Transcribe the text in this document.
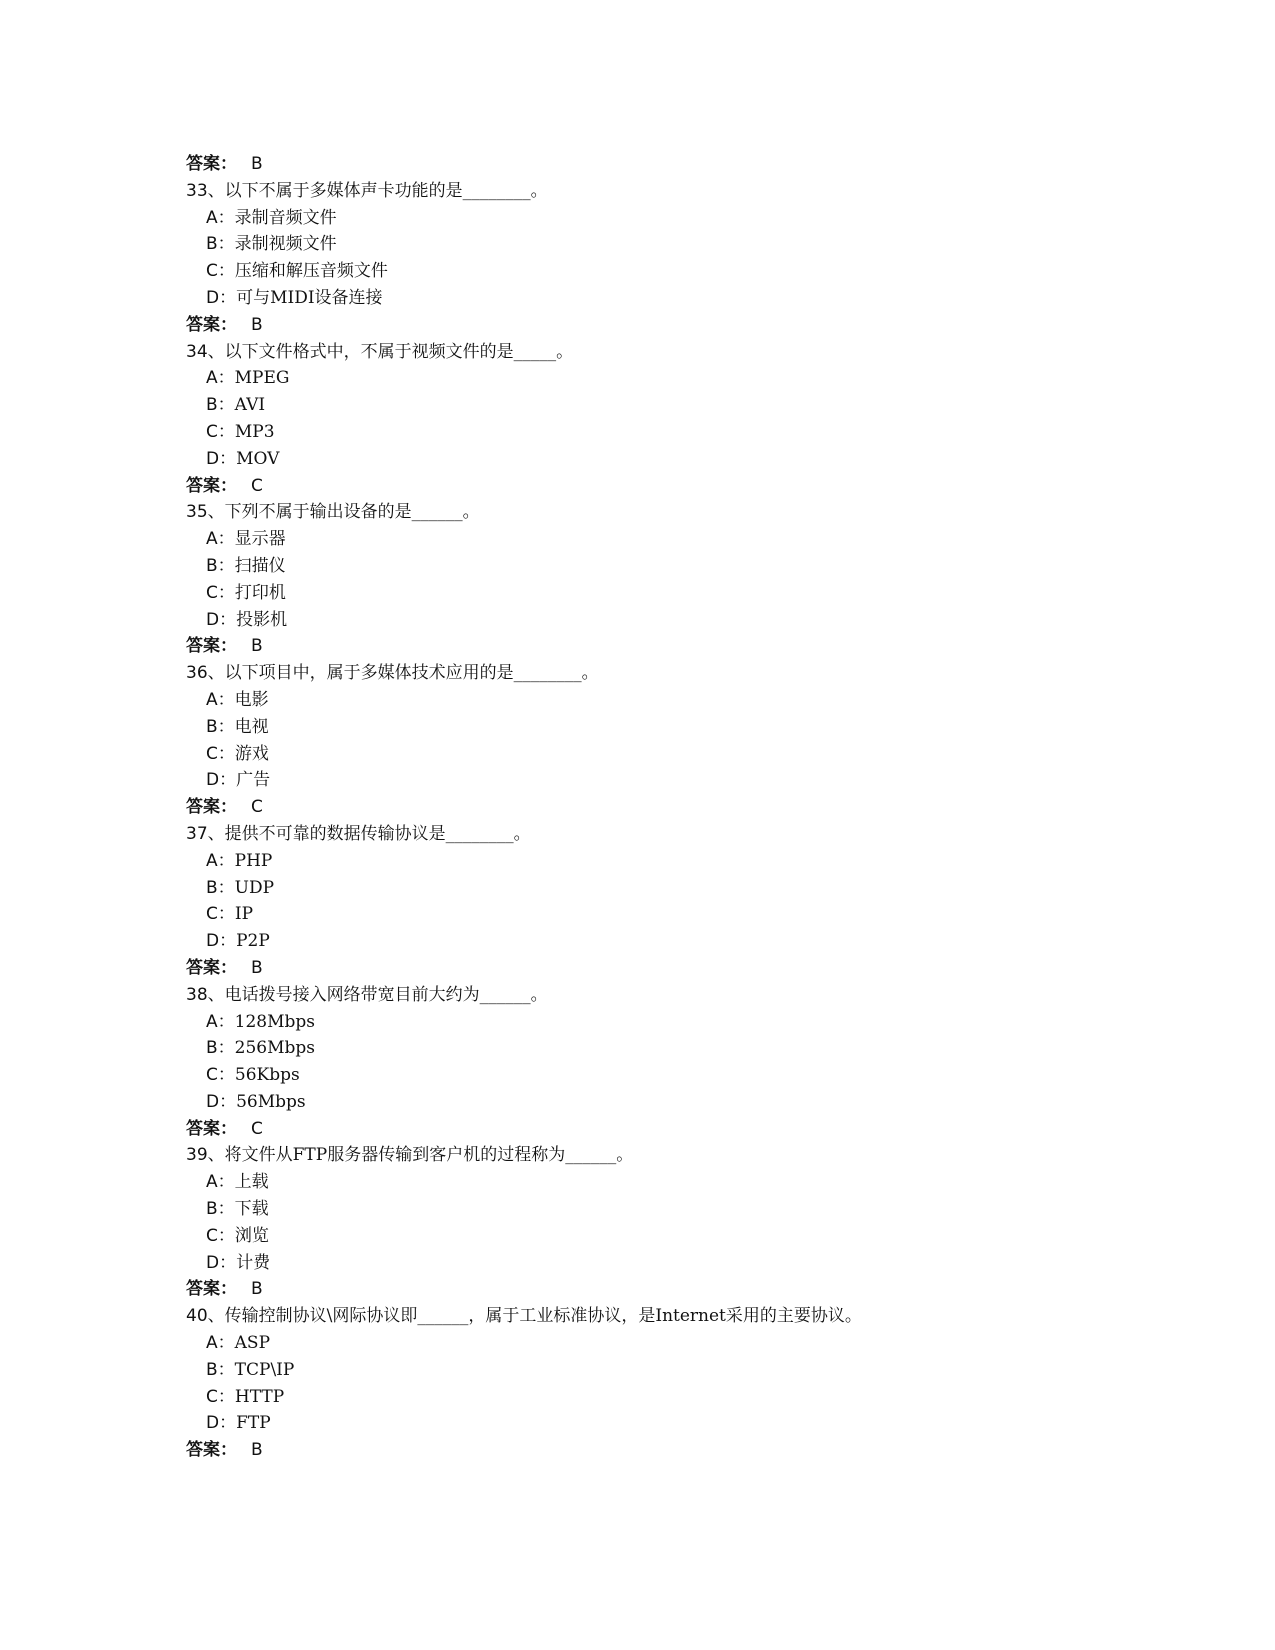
答案： B
33、以下不属于多媒体声卡功能的是________。
A：录制音频文件
B：录制视频文件
C：压缩和解压音频文件
D：可与MIDI设备连接
答案： B
34、以下文件格式中，不属于视频文件的是_____。
A：MPEG
B：AVI
C：MP3
D：MOV
答案： C
35、下列不属于输出设备的是______。
A：显示器
B：扫描仪
C：打印机
D：投影机
答案： B
36、以下项目中，属于多媒体技术应用的是________。
A：电影
B：电视
C：游戏
D：广告
答案： C
37、提供不可靠的数据传输协议是________。
A：PHP
B：UDP
C：IP
D：P2P
答案： B
38、电话拨号接入网络带宽目前大约为______。
A：128Mbps
B：256Mbps
C：56Kbps
D：56Mbps
答案： C
39、将文件从FTP服务器传输到客户机的过程称为______。
A：上载
B：下载
C：浏览
D：计费
答案： B
40、传输控制协议\网际协议即______，属于工业标准协议，是Internet采用的主要协议。
A：ASP
B：TCP\IP
C：HTTP
D：FTP
答案： B
